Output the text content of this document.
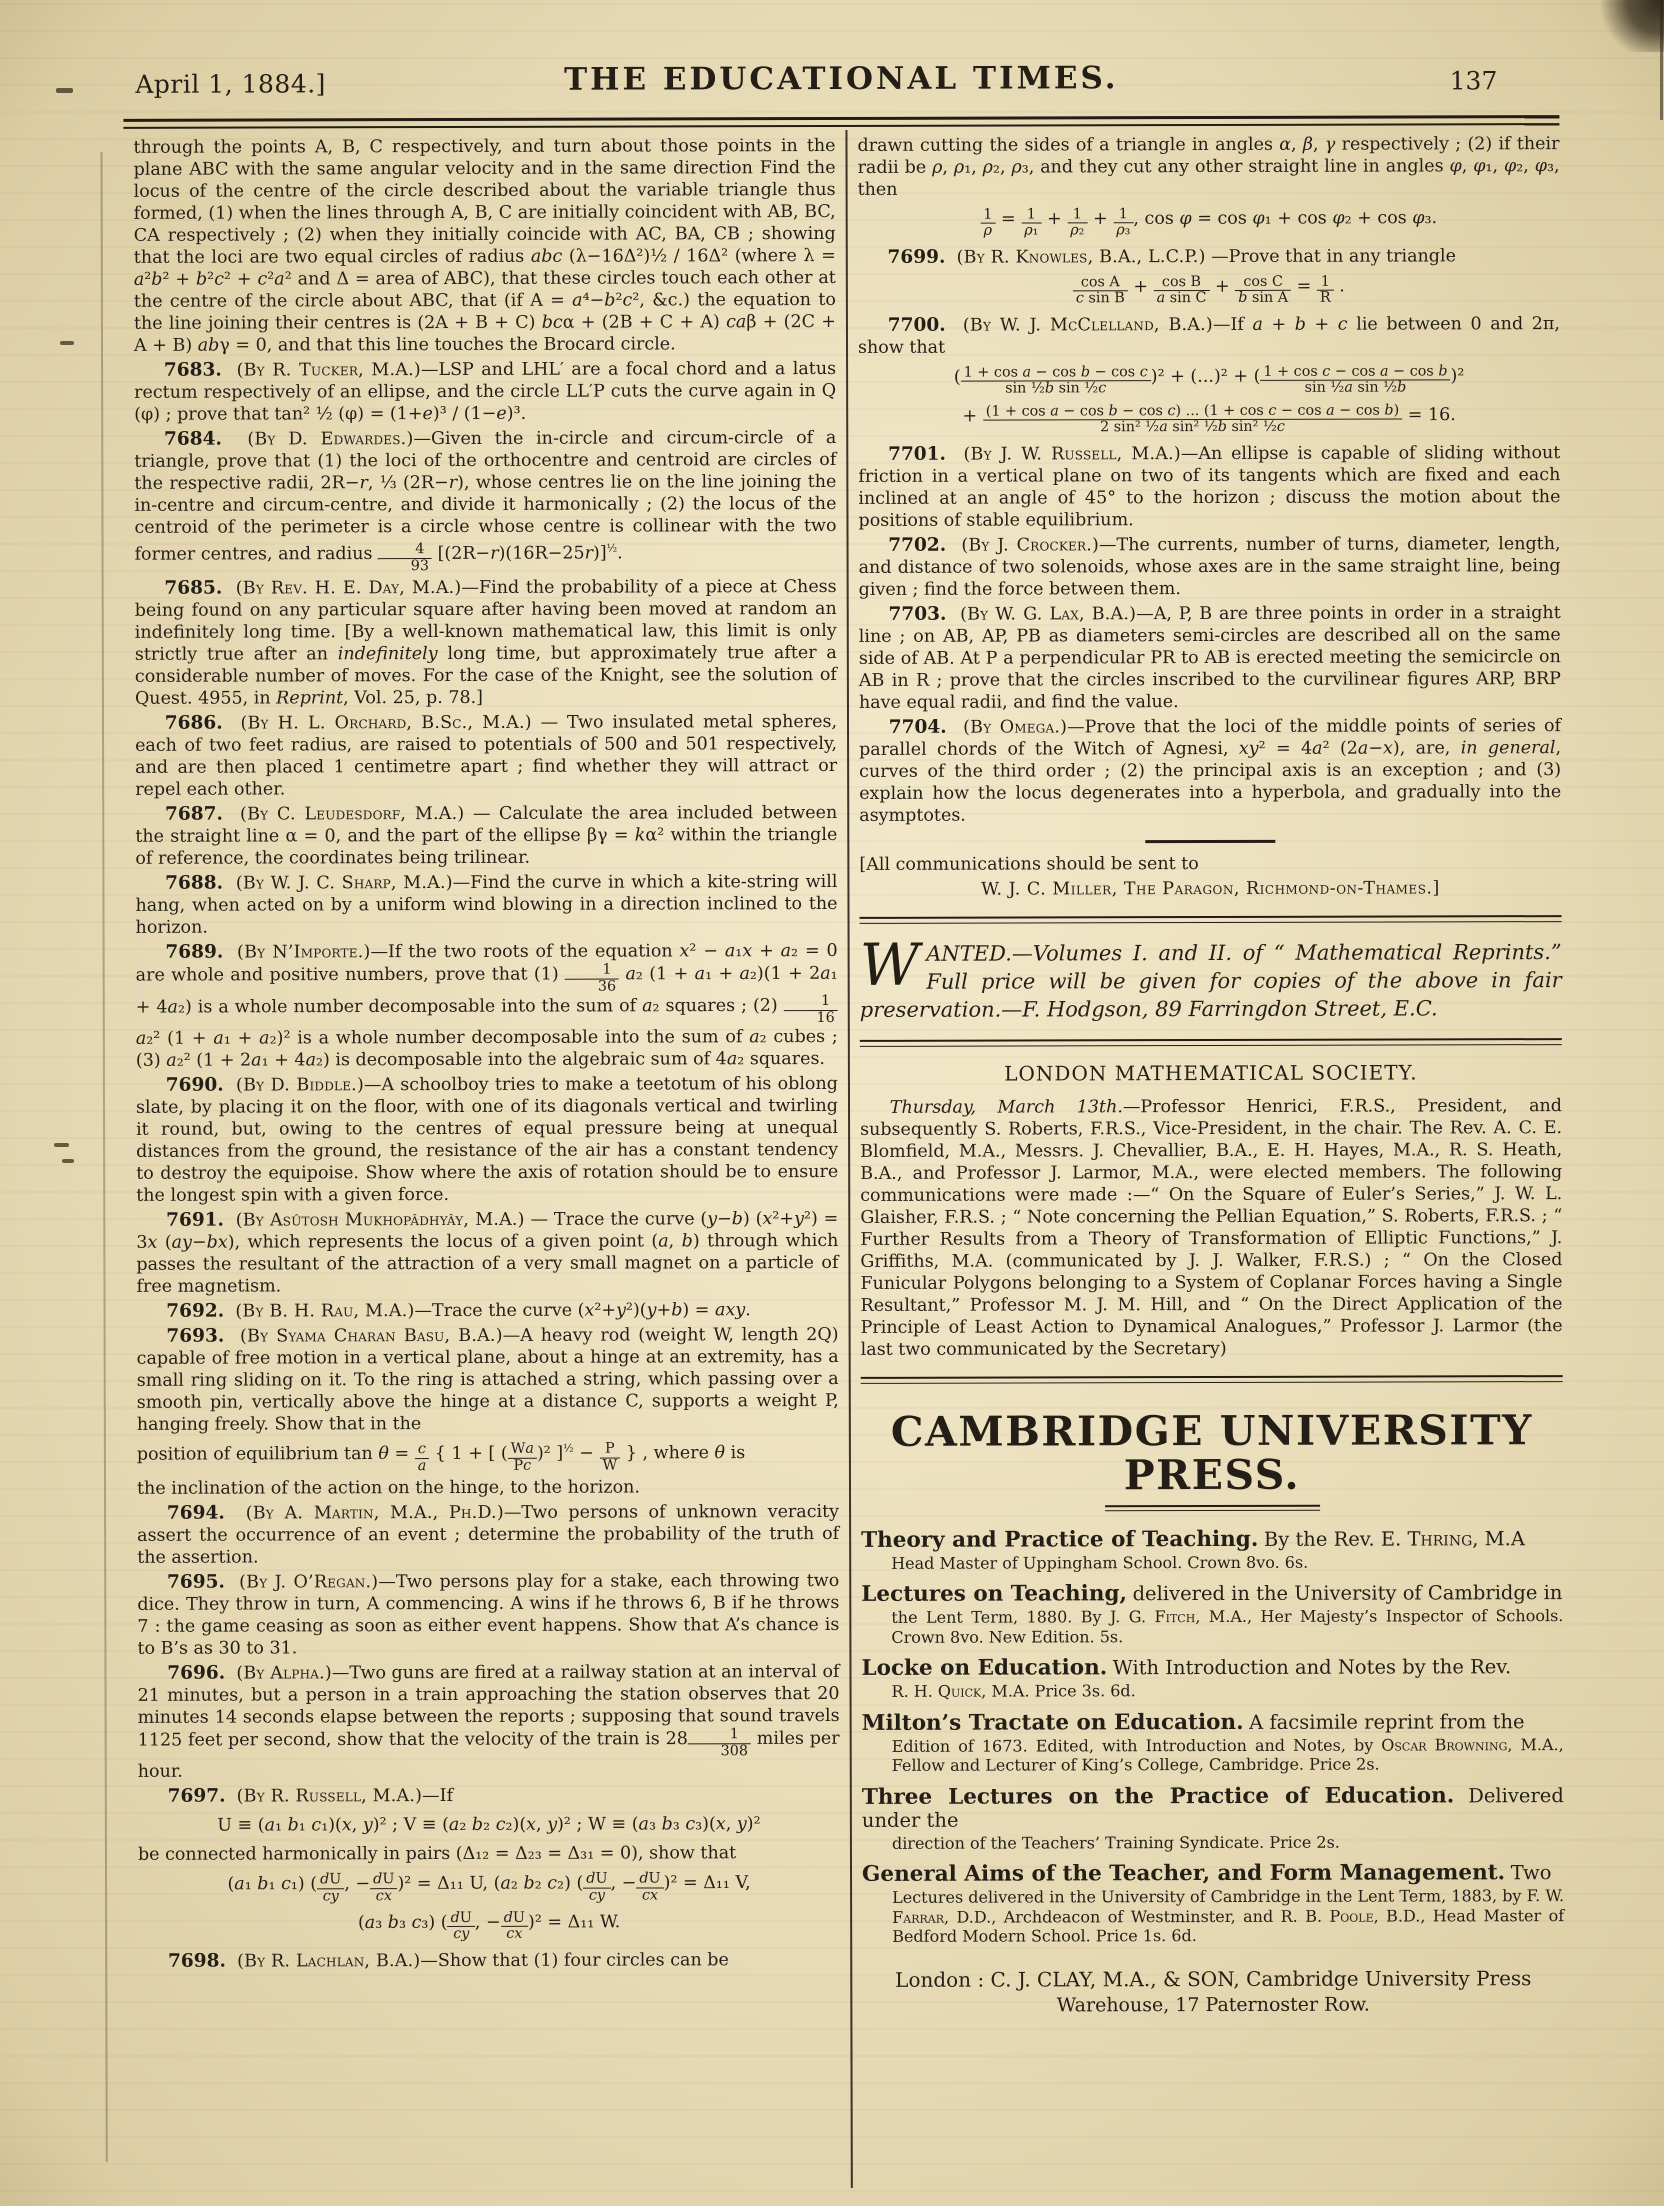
April 1, 1884.]	THE EDUCATIONAL TIMES.	137

through the points A, B, C respectively, and turn about those points in the plane ABC with the same angular velocity and in the same direction Find the locus of the centre of the circle described about the variable triangle thus formed, (1) when the lines through A, B, C are initially coincident with AB, BC, CA respectively ; (2) when they initially coincide with AC, BA, CB ; showing that the loci are two equal circles of radius abc (λ−16Δ²)½ / 16Δ² (where λ = a²b² + b²c² + c²a² and Δ = area of ABC), that these circles touch each other at the centre of the circle about ABC, that (if A = a⁴−b²c², &c.) the equation to the line joining their centres is (2A + B + C) bcα + (2B + C + A) caβ + (2C + A + B) abγ = 0, and that this line touches the Brocard circle.

7683. (By R. Tucker, M.A.)—LSP and LHL′ are a focal chord and a latus rectum respectively of an ellipse, and the circle LL′P cuts the curve again in Q (φ) ; prove that tan² ½ (φ) = (1+e)³ / (1−e)³.

7684. (By D. Edwardes.)—Given the in-circle and circum-circle of a triangle, prove that (1) the loci of the orthocentre and centroid are circles of the respective radii, 2R−r, ⅓ (2R−r), whose centres lie on the line joining the in-centre and circum-centre, and divide it harmonically ; (2) the locus of the centroid of the perimeter is a circle whose centre is collinear with the two former centres, and radius $\frac{4}{93} [(2R-r)(16R-25r)]^{\frac{1}{2}}$.

7685. (By Rev. H. E. Day, M.A.)—Find the probability of a piece at Chess being found on any particular square after having been moved at random an indefinitely long time. [By a well-known mathematical law, this limit is only strictly true after an indefinitely long time, but approximately true after a considerable number of moves. For the case of the Knight, see the solution of Quest. 4955, in Reprint, Vol. 25, p. 78.]

7686. (By H. L. Orchard, B.Sc., M.A.) — Two insulated metal spheres, each of two feet radius, are raised to potentials of 500 and 501 respectively, and are then placed 1 centimetre apart ; find whether they will attract or repel each other.

7687. (By C. Leudesdorf, M.A.) — Calculate the area included between the straight line α = 0, and the part of the ellipse βγ = kα² within the triangle of reference, the coordinates being trilinear.

7688. (By W. J. C. Sharp, M.A.)—Find the curve in which a kite-string will hang, when acted on by a uniform wind blowing in a direction inclined to the horizon.

7689. (By N’Importe.)—If the two roots of the equation x² − a₁x + a₂ = 0 are whole and positive numbers, prove that $(1) \frac{1}{36} a_2$ (1 + a₁ + a₂)(1 + 2a₁ + 4a₂) is a whole number decomposable into the sum of a₂ squares ; $(2) \frac{1}{16}$
a₂² (1 + a₁ + a₂)² is a whole number decomposable into the sum of a₂ cubes ; (3) a₂² (1 + 2a₁ + 4a₂) is decomposable into the algebraic sum of 4a₂ squares.

7690. (By D. Biddle.)—A schoolboy tries to make a teetotum of his oblong slate, by placing it on the floor, with one of its diagonals vertical and twirling it round, but, owing to the centres of equal pressure being at unequal distances from the ground, the resistance of the air has a constant tendency to destroy the equipoise. Show where the axis of rotation should be to ensure the longest spin with a given force.

7691. (By Asûtosh Mukhopâdhyây, M.A.) — Trace the curve (y−b) (x²+y²) = 3x (ay−bx), which represents the locus of a given point (a, b) through which passes the resultant of the attraction of a very small magnet on a particle of free magnetism.

7692. (By B. H. Rau, M.A.)—Trace the curve (x²+y²)(y+b) = axy.

7693. (By Syama Charan Basu, B.A.)—A heavy rod (weight W, length 2Q) capable of free motion in a vertical plane, about a hinge at an extremity, has a small ring sliding on it. To the ring is attached a string, which passing over a smooth pin, vertically above the hinge at a distance C, supports a weight P, hanging freely. Show that in the

position of equilibrium $\tan \theta = \frac{c}{a}$ { 1 + [ ( $\frac{Wa}{Pc} )^2$ ]$^{\frac{1}{2}} - \frac{P}{W}$ } , where θ is

the inclination of the action on the hinge, to the horizon.

7694. (By A. Martin, M.A., Ph.D.)—Two persons of unknown veracity assert the occurrence of an event ; determine the probability of the truth of the assertion.

7695. (By J. O’Regan.)—Two persons play for a stake, each throwing two dice. They throw in turn, A commencing. A wins if he throws 6, B if he throws 7 : the game ceasing as soon as either event happens. Show that A’s chance is to B’s as 30 to 31.

7696. (By Alpha.)—Two guns are fired at a railway station at an interval of 21 minutes, but a person in a train approaching the station observes that 20 minutes 14 seconds elapse between the reports ; supposing that sound travels 1125 feet per second, show that the velocity of the train is $28 \frac{1}{308}$ miles per hour.

7697. (By R. Russell, M.A.)—If

U ≡ (a₁ b₁ c₁)(x, y)² ; V ≡ (a₂ b₂ c₂)(x, y)² ; W ≡ (a₃ b₃ c₃)(x, y)²

be connected harmonically in pairs (Δ₁₂ = Δ₂₃ = Δ₃₁ = 0), show that

(a₁ b₁ c₁) ( $\frac{dU}{cy}$ , − $\frac{dU}{cx} )^2 = \Delta_{11}$ U, (a₂ b₂ c₂) ( $\frac{dU}{cy}$ , − $\frac{dU}{cx} )^2 = \Delta_{11}$ V,
(a₃ b₃ c₃) ( $\frac{dU}{cy}$ , − $\frac{dU}{cx} )^2 = \Delta_{11}$ W.

7698. (By R. Lachlan, B.A.)—Show that (1) four circles can be

drawn cutting the sides of a triangle in angles α, β, γ respectively ; (2) if their radii be ρ, ρ₁, ρ₂, ρ₃, and they cut any other straight line in angles φ, φ₁, φ₂, φ₃, then

$\frac{1}{\rho} = \frac{1}{\text{ρ₁}} + \frac{1}{\text{ρ₂}} + \frac{1}{\text{ρ₃}}$ , cos φ = cos φ₁ + cos φ₂ + cos φ₃.

7699. (By R. Knowles, B.A., L.C.P.) —Prove that in any triangle

$\frac{\text{cos A}}{\text{c sin B}} + \frac{\text{cos B}}{\text{a sin C}} + \frac{\text{cos C}}{\text{b sin A}} = \frac{1}{R}$ .

7700. (By W. J. McClelland, B.A.)—If a + b + c lie between 0 and 2π, show that

( $\frac{\text{1 + cos a − cos b − cos c}}{\text{sin ½b sin ½c}} )^2 + (...)^2$ + ( $\frac{\text{1 + cos c − cos a − cos b}}{\text{sin ½a sin ½b}} )^2$
+ $\frac{\text{(1 + cos a − cos b − cos c) ... (1 + cos c − cos a − cos b)}}{\text{2 sin² ½a sin² ½b sin² ½c}} = 16$.

7701. (By J. W. Russell, M.A.)—An ellipse is capable of sliding without friction in a vertical plane on two of its tangents which are fixed and each inclined at an angle of 45° to the horizon ; discuss the motion about the positions of stable equilibrium.

7702. (By J. Crocker.)—The currents, number of turns, diameter, length, and distance of two solenoids, whose axes are in the same straight line, being given ; find the force between them.

7703. (By W. G. Lax, B.A.)—A, P, B are three points in order in a straight line ; on AB, AP, PB as diameters semi-circles are described all on the same side of AB. At P a perpendicular PR to AB is erected meeting the semicircle on AB in R ; prove that the circles inscribed to the curvilinear figures ARP, BRP have equal radii, and find the value.

7704. (By Omega.)—Prove that the loci of the middle points of series of parallel chords of the Witch of Agnesi, xy² = 4a² (2a−x), are, in general, curves of the third order ; (2) the principal axis is an exception ; and (3) explain how the locus degenerates into a hyperbola, and gradually into the asymptotes.

[All communications should be sent to

W. J. C. Miller, The Paragon, Richmond-on-Thames.]

WANTED.—Volumes I. and II. of “ Mathematical Reprints.” Full price will be given for copies of the above in fair preservation.—F. Hodgson, 89 Farringdon Street, E.C.

LONDON MATHEMATICAL SOCIETY.

Thursday, March 13th.—Professor Henrici, F.R.S., President, and subsequently S. Roberts, F.R.S., Vice-President, in the chair. The Rev. A. C. E. Blomfield, M.A., Messrs. J. Chevallier, B.A., E. H. Hayes, M.A., R. S. Heath, B.A., and Professor J. Larmor, M.A., were elected members. The following communications were made :—“ On the Square of Euler’s Series,” J. W. L. Glaisher, F.R.S. ; “ Note concerning the Pellian Equation,” S. Roberts, F.R.S. ; “ Further Results from a Theory of Transformation of Elliptic Functions,” J. Griffiths, M.A. (communicated by J. J. Walker, F.R.S.) ; “ On the Closed Funicular Polygons belonging to a System of Coplanar Forces having a Single Resultant,” Professor M. J. M. Hill, and “ On the Direct Application of the Principle of Least Action to Dynamical Analogues,” Professor J. Larmor (the last two communicated by the Secretary)

CAMBRIDGE UNIVERSITY PRESS.

Theory and Practice of Teaching. By the Rev. E. Thring, M.A
Head Master of Uppingham School. Crown 8vo. 6s.

Lectures on Teaching, delivered in the University of Cambridge in
the Lent Term, 1880. By J. G. Fitch, M.A., Her Majesty’s Inspector of Schools. Crown 8vo. New Edition. 5s.

Locke on Education. With Introduction and Notes by the Rev.
R. H. Quick, M.A. Price 3s. 6d.

Milton’s Tractate on Education. A facsimile reprint from the
Edition of 1673. Edited, with Introduction and Notes, by Oscar Browning, M.A., Fellow and Lecturer of King’s College, Cambridge. Price 2s.

Three Lectures on the Practice of Education. Delivered under the
direction of the Teachers’ Training Syndicate. Price 2s.

General Aims of the Teacher, and Form Management. Two
Lectures delivered in the University of Cambridge in the Lent Term, 1883, by F. W. Farrar, D.D., Archdeacon of Westminster, and R. B. Poole, B.D., Head Master of Bedford Modern School. Price 1s. 6d.

London : C. J. CLAY, M.A., & SON, Cambridge University Press

Warehouse, 17 Paternoster Row.
